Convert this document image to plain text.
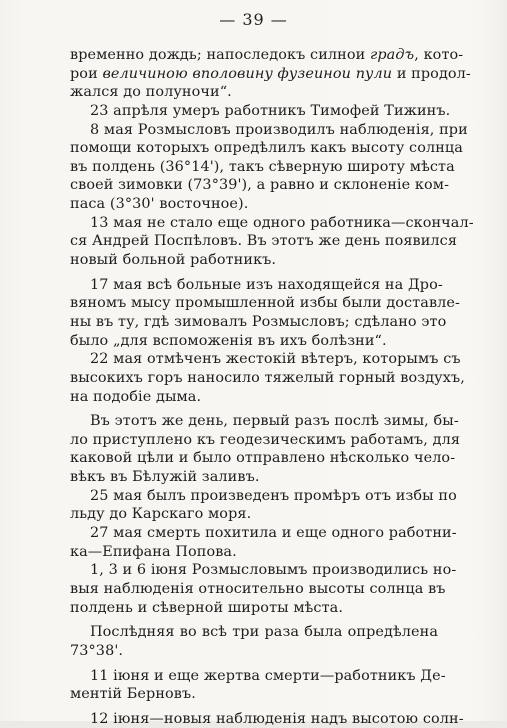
— 39 —
временно дождь; напоследокъ силнои градъ, кото-
рои величиною вполовину фузеинои пули и продол-
жался до полуночи“.
23 апрѣля умеръ работникъ Тимофей Тижинъ.
8 мая Розмысловъ производилъ наблюденія, при
помощи которыхъ опредѣлилъ какъ высоту солнца
въ полдень (36°14'), такъ сѣверную широту мѣста
своей зимовки (73°39'), а равно и склоненіе ком-
паса (3°30' восточное).
13 мая не стало еще одного работника—скончал-
ся Андрей Поспѣловъ. Въ этотъ же день появился
новый больной работникъ.
17 мая всѣ больные изъ находящейся на Дро-
вяномъ мысу промышленной избы были доставле-
ны въ ту, гдѣ зимовалъ Розмысловъ; сдѣлано это
было „для вспоможенія въ ихъ болѣзни“.
22 мая отмѣченъ жестокій вѣтеръ, которымъ съ
высокихъ горъ наносило тяжелый горный воздухъ,
на подобіе дыма.
Въ этотъ же день, первый разъ послѣ зимы, бы-
ло приступлено къ геодезическимъ работамъ, для
каковой цѣли и было отправлено нѣсколько чело-
вѣкъ въ Бѣлужій заливъ.
25 мая былъ произведенъ промѣръ отъ избы по
льду до Карскаго моря.
27 мая смерть похитила и еще одного работни-
ка—Епифана Попова.
1, 3 и 6 іюня Розмысловымъ производились но-
выя наблюденія относительно высоты солнца въ
полдень и сѣверной широты мѣста.
Послѣдняя во всѣ три раза была опредѣлена
73°38'.
11 іюня и еще жертва смерти—работникъ Де-
ментій Берновъ.
12 іюня—новыя наблюденія надъ высотою солн-
